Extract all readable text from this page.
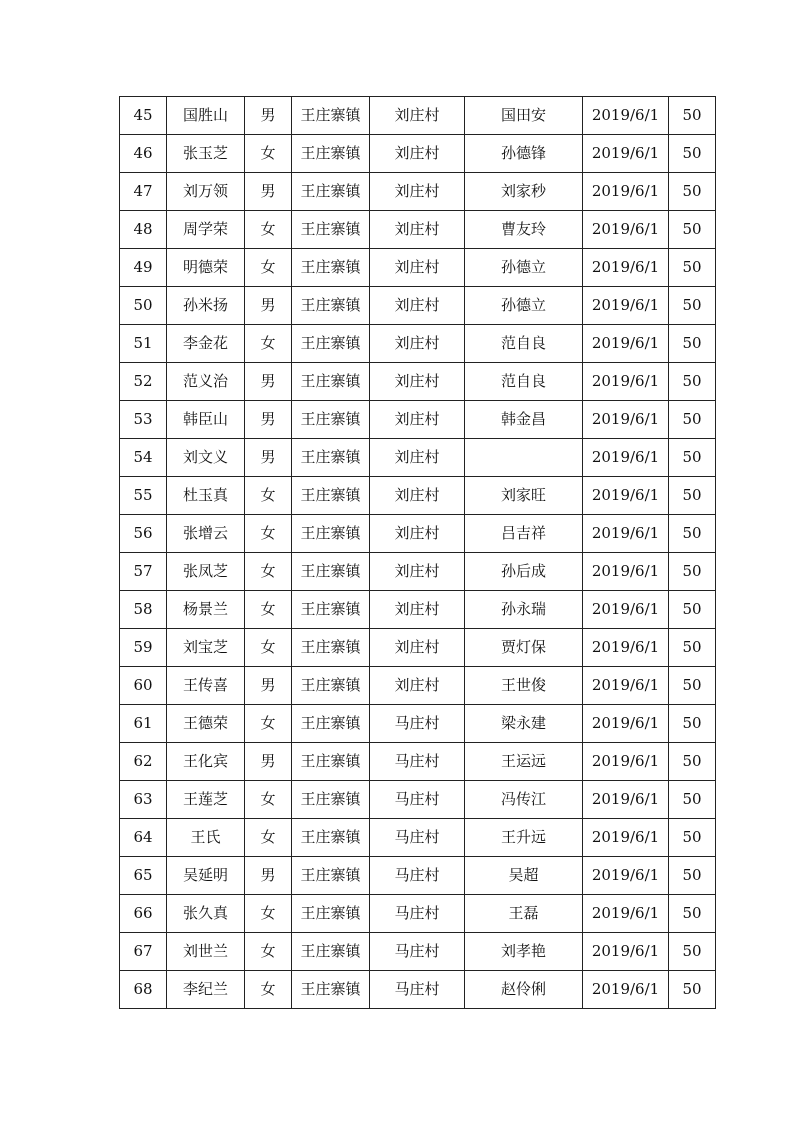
45	国胜山	男	王庄寨镇	刘庄村	国田安	2019/6/1	50
46	张玉芝	女	王庄寨镇	刘庄村	孙德锋	2019/6/1	50
47	刘万领	男	王庄寨镇	刘庄村	刘家秒	2019/6/1	50
48	周学荣	女	王庄寨镇	刘庄村	曹友玲	2019/6/1	50
49	明德荣	女	王庄寨镇	刘庄村	孙德立	2019/6/1	50
50	孙米扬	男	王庄寨镇	刘庄村	孙德立	2019/6/1	50
51	李金花	女	王庄寨镇	刘庄村	范自良	2019/6/1	50
52	范义治	男	王庄寨镇	刘庄村	范自良	2019/6/1	50
53	韩臣山	男	王庄寨镇	刘庄村	韩金昌	2019/6/1	50
54	刘文义	男	王庄寨镇	刘庄村		2019/6/1	50
55	杜玉真	女	王庄寨镇	刘庄村	刘家旺	2019/6/1	50
56	张增云	女	王庄寨镇	刘庄村	吕吉祥	2019/6/1	50
57	张凤芝	女	王庄寨镇	刘庄村	孙后成	2019/6/1	50
58	杨景兰	女	王庄寨镇	刘庄村	孙永瑞	2019/6/1	50
59	刘宝芝	女	王庄寨镇	刘庄村	贾灯保	2019/6/1	50
60	王传喜	男	王庄寨镇	刘庄村	王世俊	2019/6/1	50
61	王德荣	女	王庄寨镇	马庄村	梁永建	2019/6/1	50
62	王化宾	男	王庄寨镇	马庄村	王运远	2019/6/1	50
63	王莲芝	女	王庄寨镇	马庄村	冯传江	2019/6/1	50
64	王氏	女	王庄寨镇	马庄村	王升远	2019/6/1	50
65	吴延明	男	王庄寨镇	马庄村	吴超	2019/6/1	50
66	张久真	女	王庄寨镇	马庄村	王磊	2019/6/1	50
67	刘世兰	女	王庄寨镇	马庄村	刘孝艳	2019/6/1	50
68	李纪兰	女	王庄寨镇	马庄村	赵伶俐	2019/6/1	50
